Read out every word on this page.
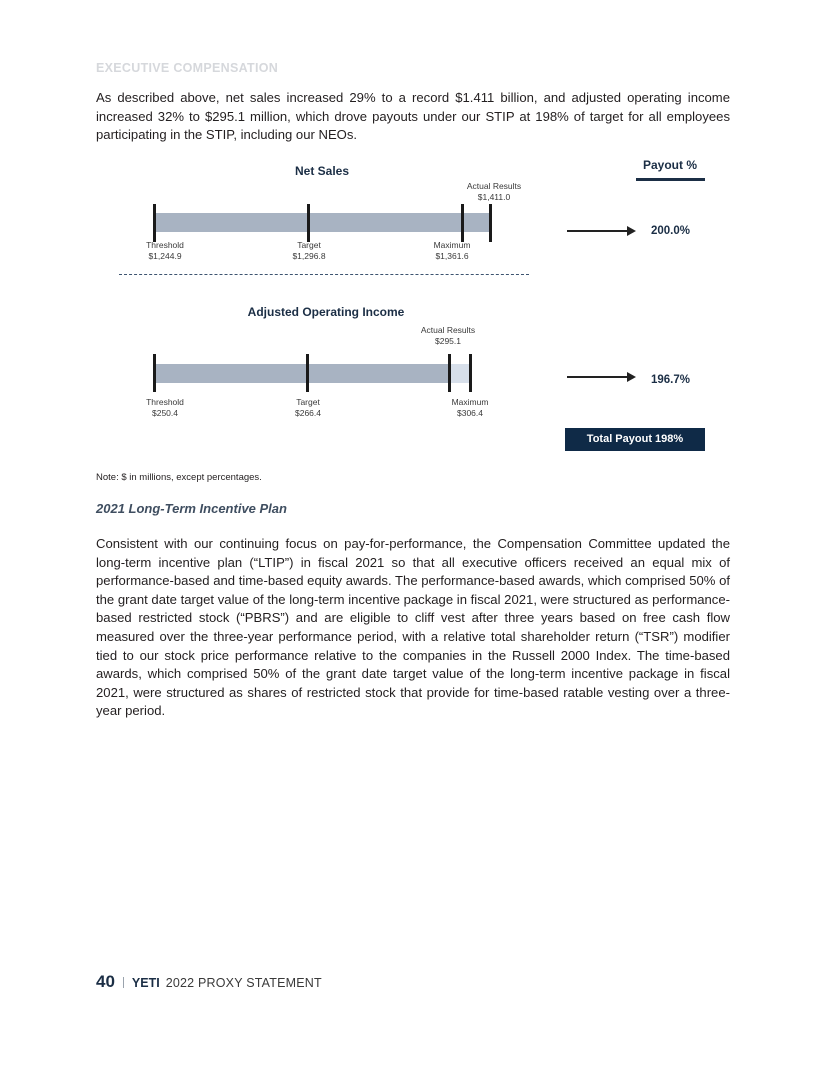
EXECUTIVE COMPENSATION

As described above, net sales increased 29% to a record $1.411 billion, and adjusted operating income increased 32% to $295.1 million, which drove payouts under our STIP at 198% of target for all employees participating in the STIP, including our NEOs.

Net Sales
Actual Results
$1,411.0
Threshold
$1,244.9
Target
$1,296.8
Maximum
$1,361.6
Adjusted Operating Income
Actual Results
$295.1
Threshold
$250.4
Target
$266.4
Maximum
$306.4
Payout %
200.0%
196.7%
Total Payout 198%
Note: $ in millions, except percentages.
2021 Long-Term Incentive Plan

Consistent with our continuing focus on pay-for-performance, the Compensation Committee updated the long-term incentive plan (“LTIP”) in fiscal 2021 so that all executive officers received an equal mix of performance-based and time-based equity awards. The performance-based awards, which comprised 50% of the grant date target value of the long-term incentive package in fiscal 2021, were structured as performance-based restricted stock (“PBRS”) and are eligible to cliff vest after three years based on free cash flow measured over the three-year performance period, with a relative total shareholder return (“TSR”) modifier tied to our stock price performance relative to the companies in the Russell 2000 Index. The time-based awards, which comprised 50% of the grant date target value of the long-term incentive package in fiscal 2021, were structured as shares of restricted stock that provide for time-based ratable vesting over a three-year period.

40 YETI 2022 PROXY STATEMENT
